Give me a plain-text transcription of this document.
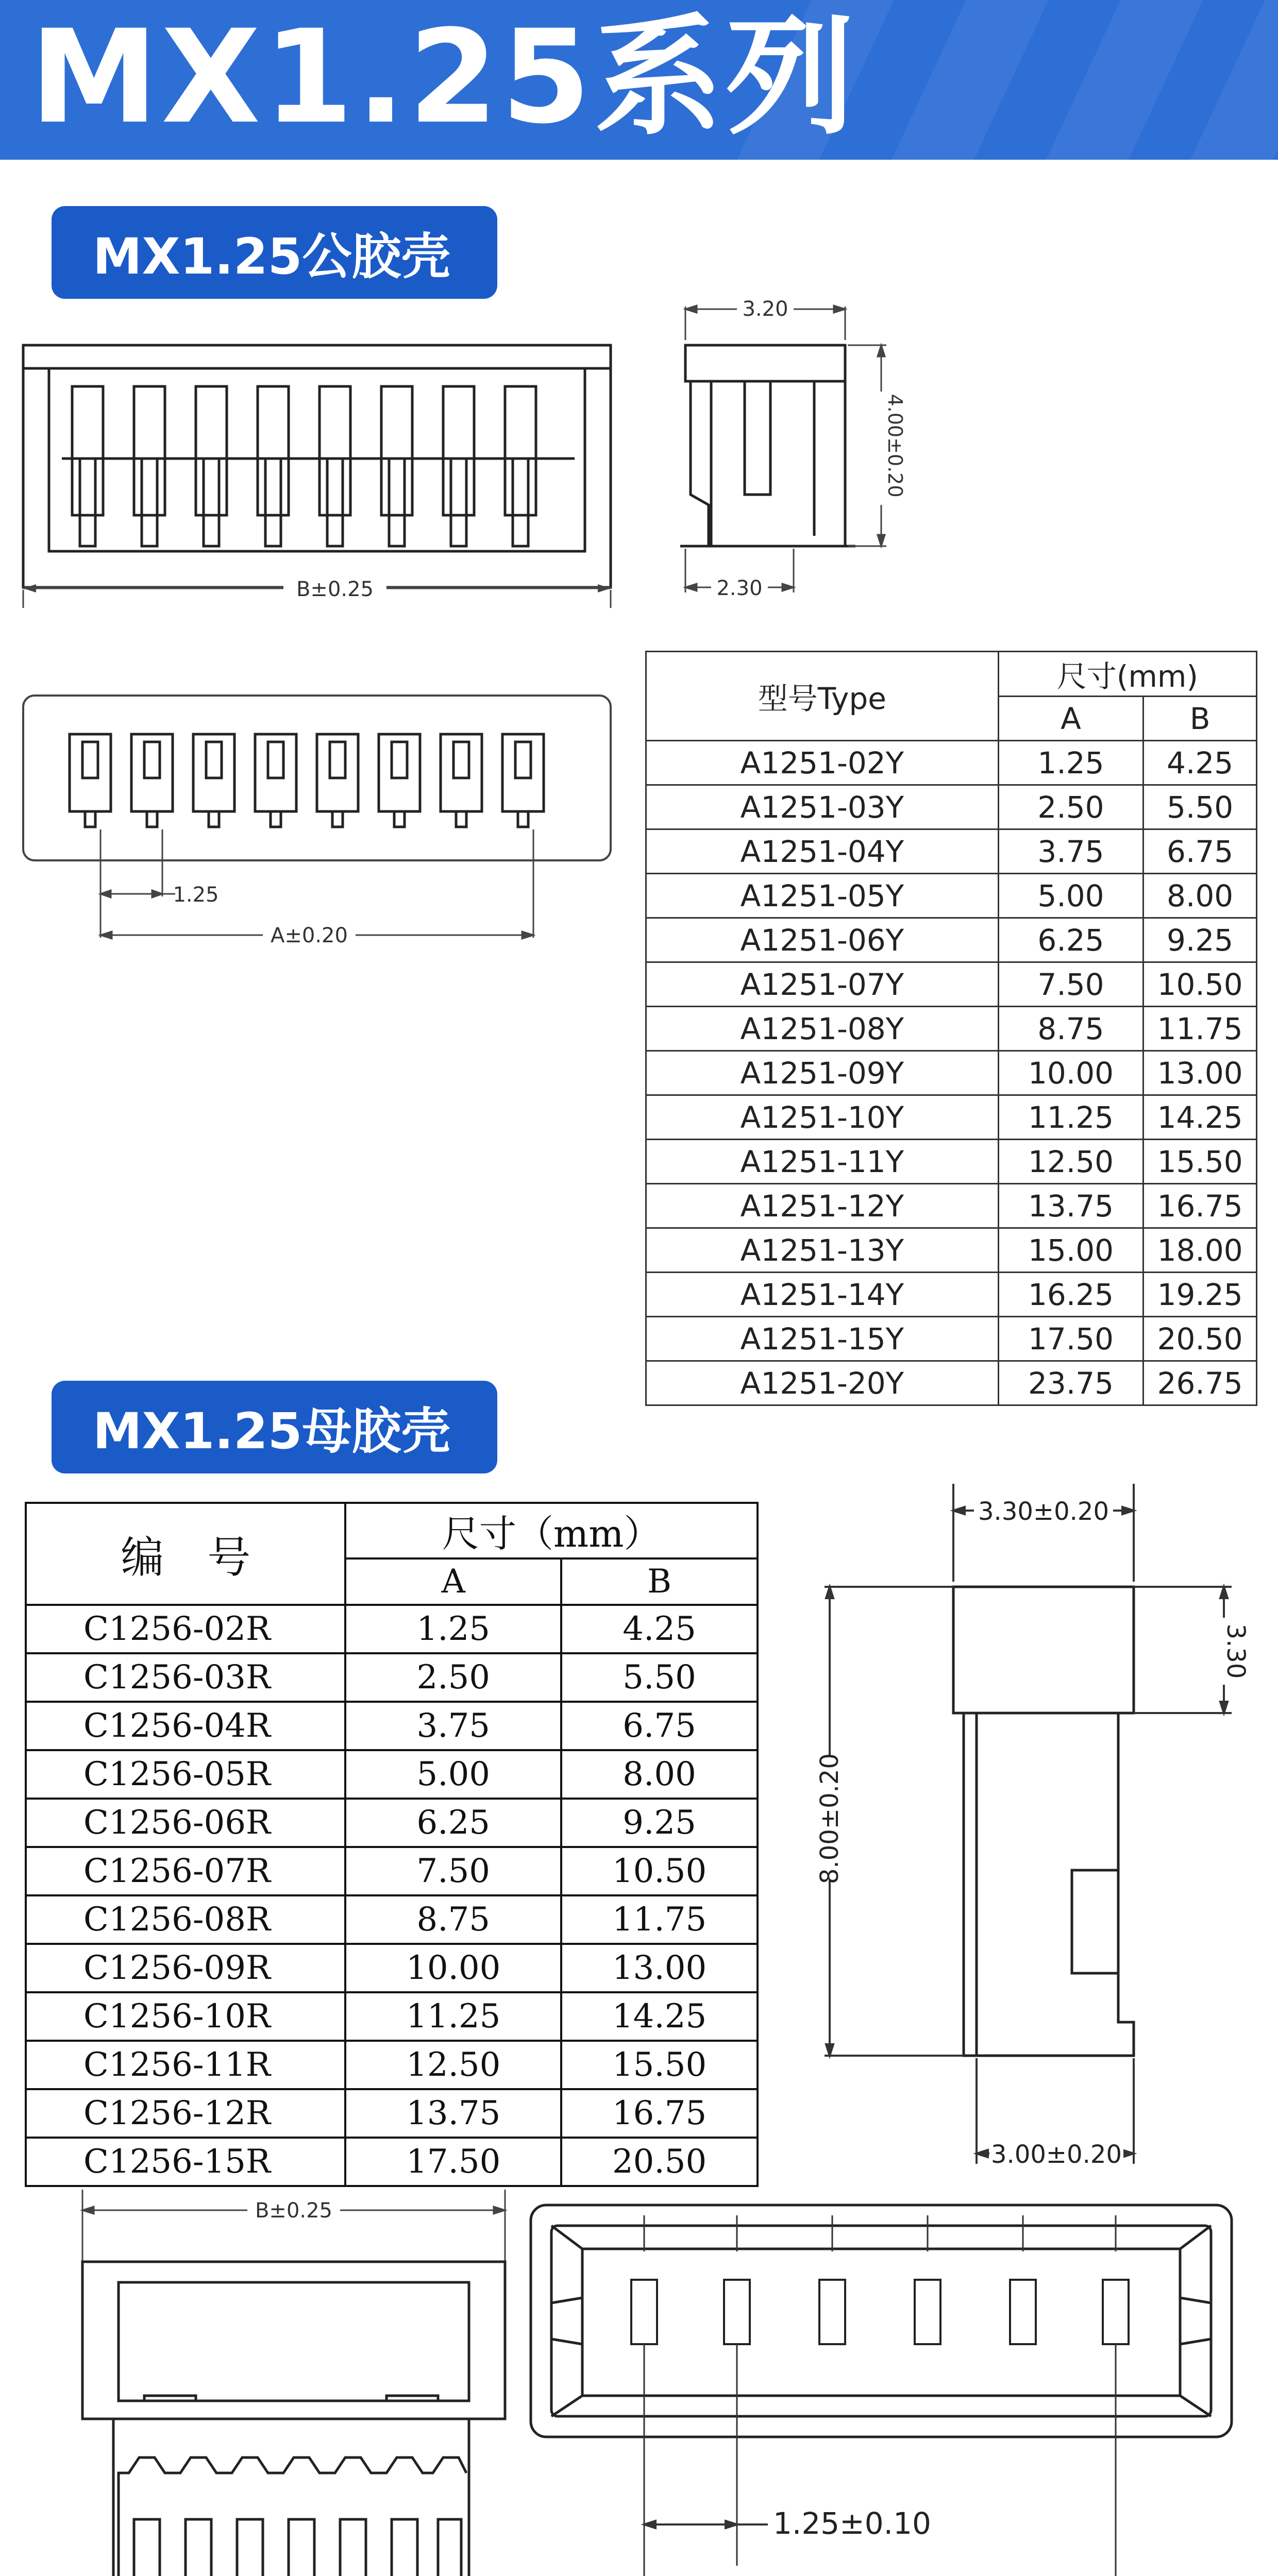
MX1.25系列
MX1.25公胶壳
B±0.25
3.20
4.00±0.20
2.30
1.25
A±0.20
型号Type	尺寸(mm)	
	A	B
A1251-02Y	1.25	4.25
A1251-03Y	2.50	5.50
A1251-04Y	3.75	6.75
A1251-05Y	5.00	8.00
A1251-06Y	6.25	9.25
A1251-07Y	7.50	10.50
A1251-08Y	8.75	11.75
A1251-09Y	10.00	13.00
A1251-10Y	11.25	14.25
A1251-11Y	12.50	15.50
A1251-12Y	13.75	16.75
A1251-13Y	15.00	18.00
A1251-14Y	16.25	19.25
A1251-15Y	17.50	20.50
A1251-20Y	23.75	26.75
MX1.25母胶壳
编　号	尺寸（mm）	
	A	B
C1256-02R	1.25	4.25
C1256-03R	2.50	5.50
C1256-04R	3.75	6.75
C1256-05R	5.00	8.00
C1256-06R	6.25	9.25
C1256-07R	7.50	10.50
C1256-08R	8.75	11.75
C1256-09R	10.00	13.00
C1256-10R	11.25	14.25
C1256-11R	12.50	15.50
C1256-12R	13.75	16.75
C1256-15R	17.50	20.50
3.30±0.20
3.30
8.00±0.20
3.00±0.20
B±0.25
1.25±0.10
